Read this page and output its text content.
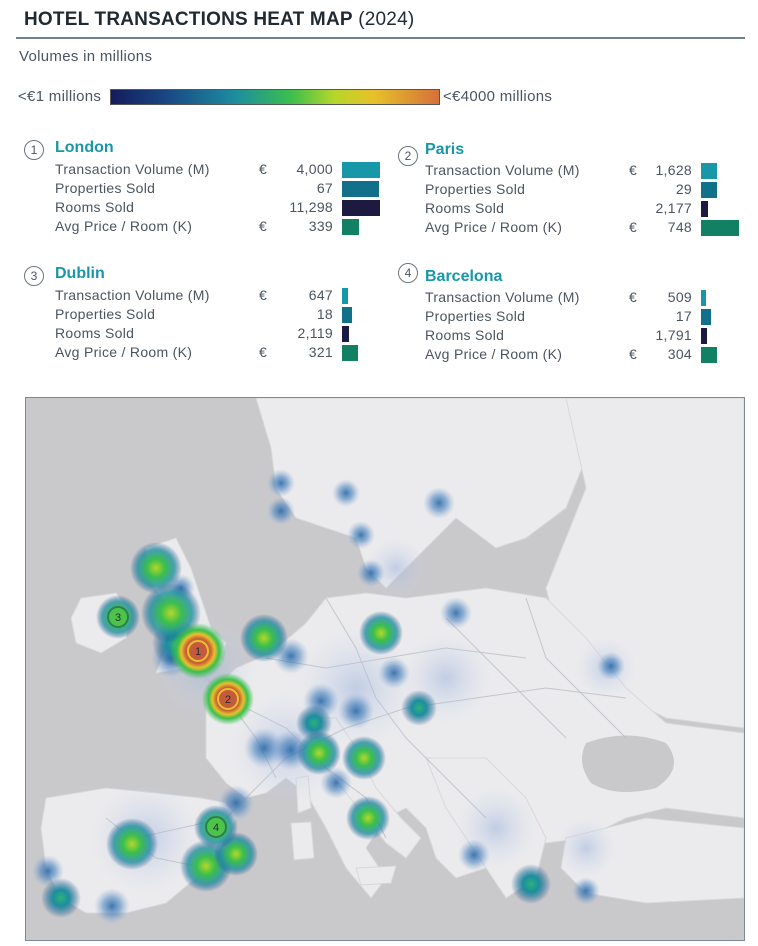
HOTEL TRANSACTIONS HEAT MAP (2024)
Volumes in millions
<€1 millions	<€4000 millions
1	London
Transaction Volume (M)	€ 4,000
Properties Sold	67
Rooms Sold	11,298
Avg Price / Room (K)	€	339
2 Paris
Transaction Volume (M)	€ 1,628
Properties Sold	29
Rooms Sold	2,177
Avg Price / Room (K)	€ 748
3	Dublin
Transaction Volume (M)	€	647
Properties Sold	18
Rooms Sold	2,119
Avg Price / Room (K)	€	321
4 Barcelona
Transaction Volume (M)	€ 509
Properties Sold	17
Rooms Sold	1,791
Avg Price / Room (K)	€ 304
1
2
3
4
